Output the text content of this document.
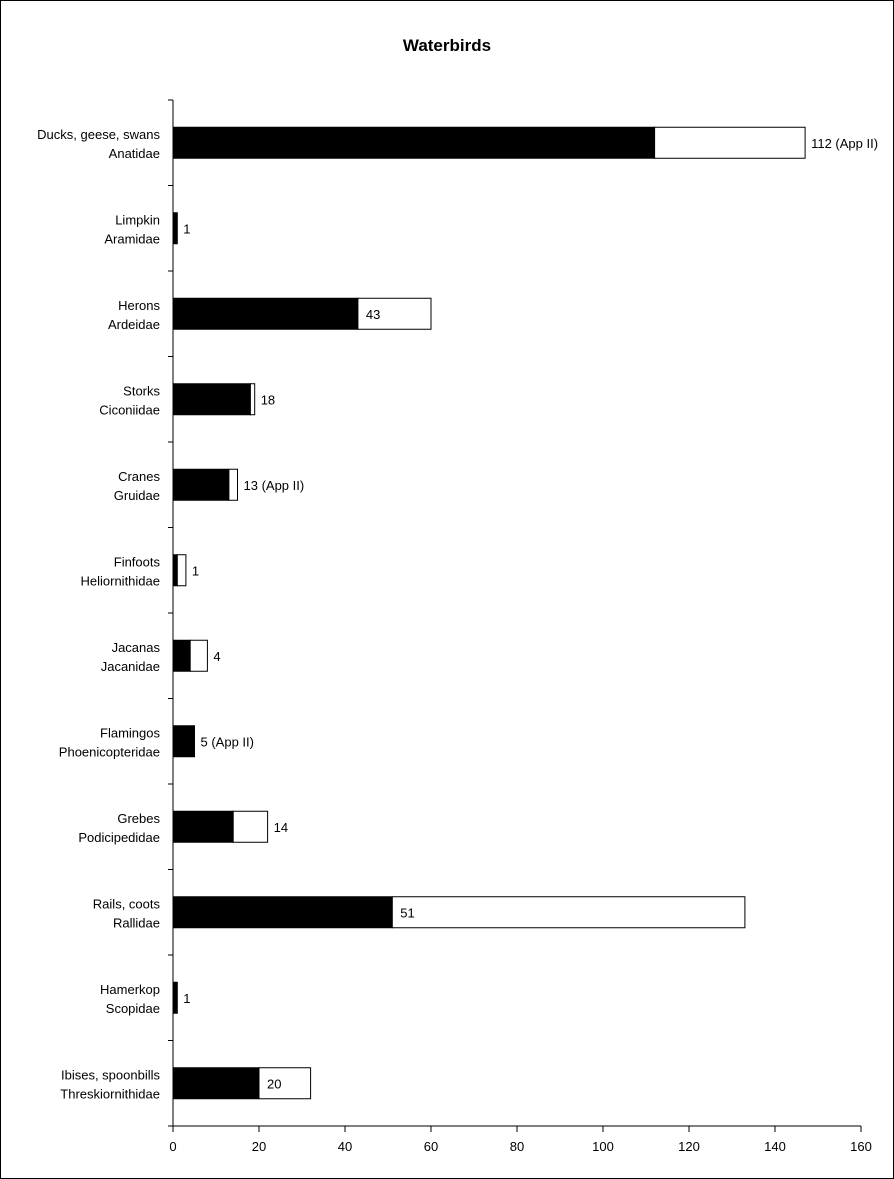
Waterbirds
0	20	40	60	80	100	120	140	160
Ducks, geese, swans
Anatidae
112 (App II)
Limpkin
Aramidae
1
Herons
Ardeidae
43
Storks
Ciconiidae
18
Cranes
Gruidae
13 (App II)
Finfoots
Heliornithidae
1
Jacanas
Jacanidae
4
Flamingos
Phoenicopteridae
5 (App II)
Grebes
Podicipedidae
14
Rails, coots
Rallidae
51
Hamerkop
Scopidae
1
Ibises, spoonbills
Threskiornithidae
20
